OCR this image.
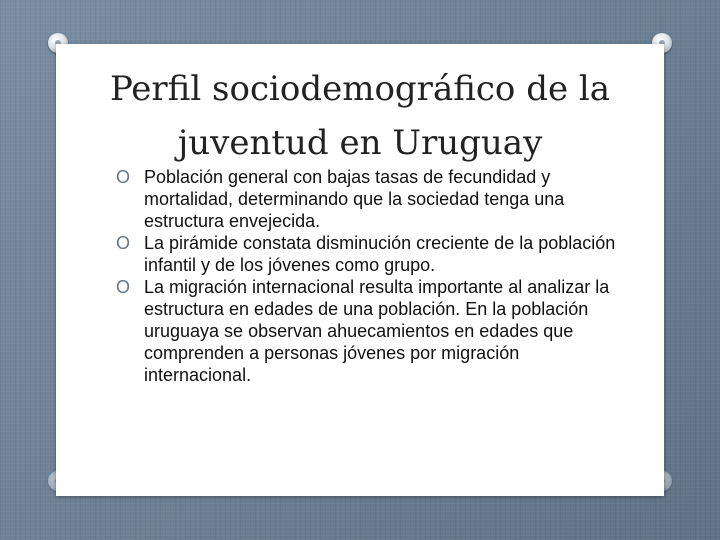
Perfil sociodemográfico de la
juventud en Uruguay
O Población general con bajas tasas de fecundidad y mortalidad, determinando que la sociedad tenga una estructura envejecida.
O La pirámide constata disminución creciente de la población infantil y de los jóvenes como grupo.
O La migración internacional resulta importante al analizar la estructura en edades de una población. En la población uruguaya se observan ahuecamientos en edades que comprenden a personas jóvenes por migración internacional.
